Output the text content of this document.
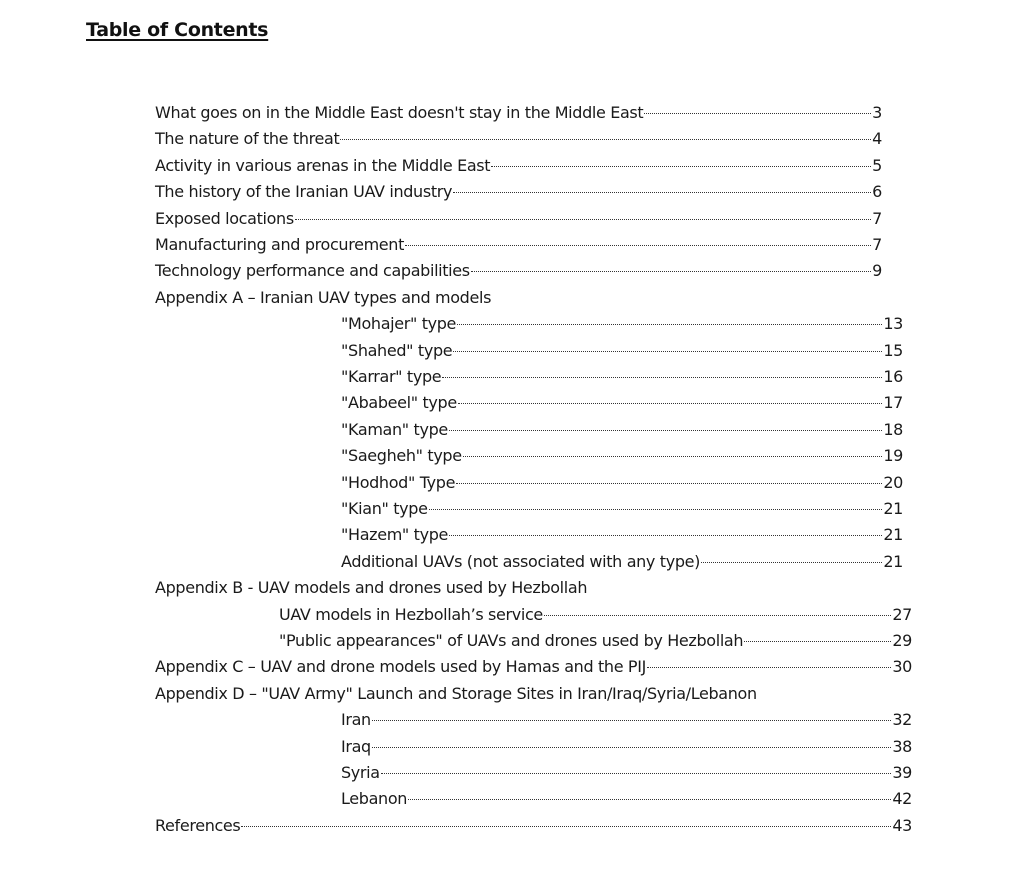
Table of Contents
What goes on in the Middle East doesn't stay in the Middle East	3
The nature of the threat	4
Activity in various arenas in the Middle East	5
The history of the Iranian UAV industry	6
Exposed locations	7
Manufacturing and procurement	7
Technology performance and capabilities	9
Appendix A – Iranian UAV types and models
"Mohajer" type	13
"Shahed" type	15
"Karrar" type	16
"Ababeel" type	17
"Kaman" type	18
"Saegheh" type	19
"Hodhod" Type	20
"Kian" type	21
"Hazem" type	21
Additional UAVs (not associated with any type)	21
Appendix B - UAV models and drones used by Hezbollah
UAV models in Hezbollah’s service	27
"Public appearances" of UAVs and drones used by Hezbollah	29
Appendix C – UAV and drone models used by Hamas and the PIJ	30
Appendix D – "UAV Army" Launch and Storage Sites in Iran/Iraq/Syria/Lebanon
Iran	32
Iraq	38
Syria	39
Lebanon	42
References	43
